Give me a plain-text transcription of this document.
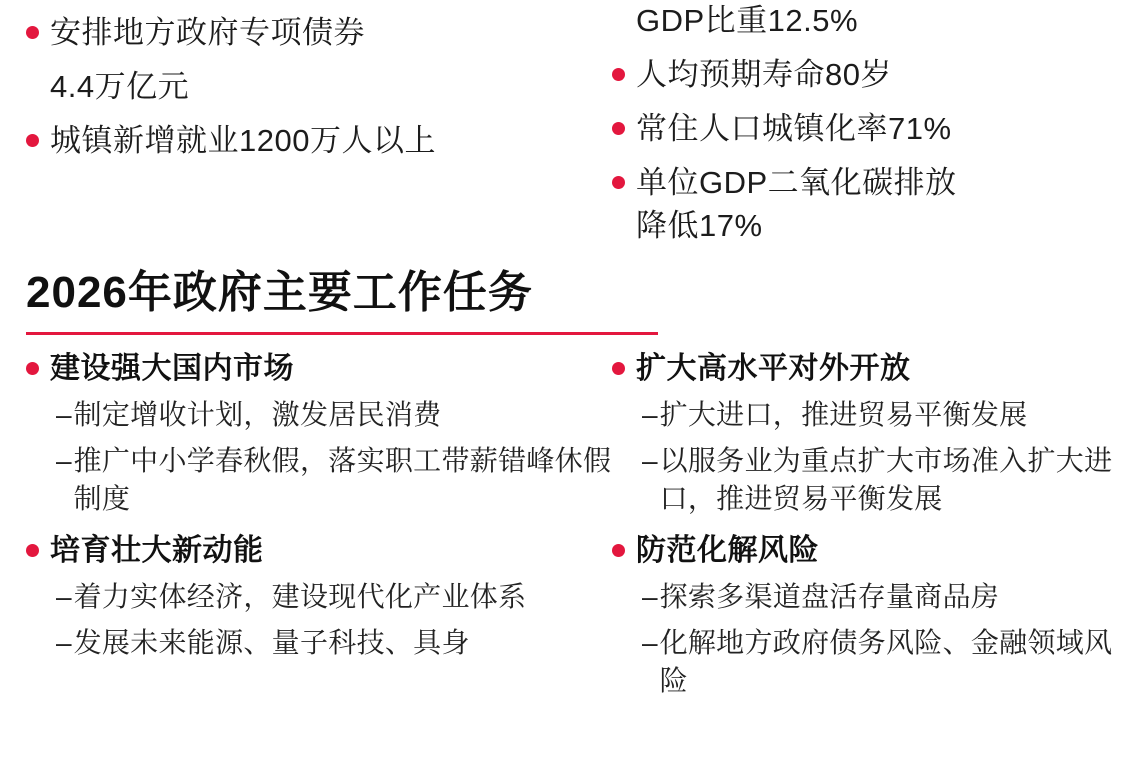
安排地方政府专项债券
4.4万亿元
城镇新增就业1200万人以上
GDP比重12.5%
人均预期寿命80岁
常住人口城镇化率71%
单位GDP二氧化碳排放
降低17%
2026年政府主要工作任务
建设强大国内市场
– 制定增收计划，激发居民消费
– 推广中小学春秋假，落实职工带薪错峰休假制度
培育壮大新动能
– 着力实体经济，建设现代化产业体系
– 发展未来能源、量子科技、具身
扩大高水平对外开放
– 扩大进口，推进贸易平衡发展
– 以服务业为重点扩大市场准入扩大进口，推进贸易平衡发展
防范化解风险
– 探索多渠道盘活存量商品房
– 化解地方政府债务风险、金融领域风险
